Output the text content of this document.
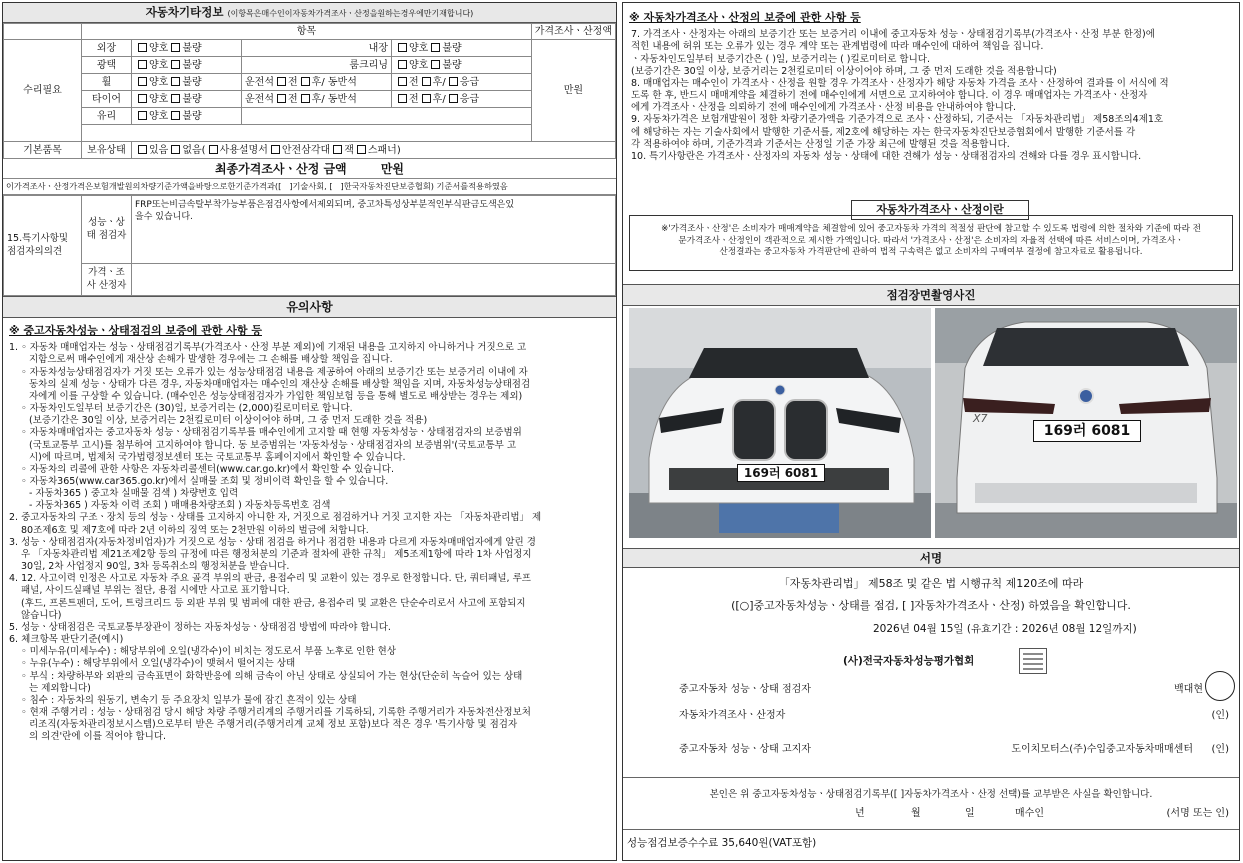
자동차기타정보 (이항목은매수인이자동차가격조사ㆍ산정을원하는경우에만기재합니다)
	항목				가격조사ㆍ산정액
수리필요	외장	양호 불량	내장	양호 불량	만원
	광택	양호 불량	룸크리닝	양호 불량	
	휠	양호 불량	운전석 전 후/ 동반석	전 후/ 응급	
	타이어	양호 불량	운전석 전 후/ 동반석	전 후/ 응급	
	유리	양호 불량			

기본품목	보유상태	있음 없음( 사용설명서 안전삼각대 잭 스패너)			
최종가격조사ㆍ산정 금액	만원
이가격조사ㆍ산정가격은보험개발원의차량기준가액을바탕으로한기준가격과([ ]기술사회, [ ]한국자동차진단보증협회) 기준서를적용하였음
15.특기사항및 점검자의의견	성능ㆍ상태 점검자	FRP또는비금속탈부착가능부품은점검사항에서제외되며, 중고차특성상부분적인부식판금도색은있을수 있습니다.
	가격ㆍ조사 산정자	
유의사항
※ 중고자동차성능ㆍ상태점검의 보증에 관한 사항 등
1. ◦ 자동차 매매업자는 성능ㆍ상태점검기록부(가격조사ㆍ산정 부분 제외)에 기재된 내용을 고지하지 아니하거나 거짓으로 고
지함으로써 매수인에게 재산상 손해가 발생한 경우에는 그 손해를 배상할 책임을 집니다.
◦ 자동차성능상태점검자가 거짓 또는 오류가 있는 성능상태점검 내용을 제공하여 아래의 보증기간 또는 보증거리 이내에 자
동차의 실제 성능ㆍ상태가 다른 경우, 자동차매매업자는 매수인의 재산상 손해를 배상할 책임을 지며, 자동차성능상태점검
자에게 이를 구상할 수 있습니다. (매수인은 성능상태점검자가 가입한 책임보험 등을 통해 별도로 배상받는 경우는 제외)
◦ 자동차인도일부터 보증기간은 (30)일, 보증거리는 (2,000)킬로미터로 합니다.
(보증기간은 30일 이상, 보증거리는 2천킬로미터 이상이어야 하며, 그 중 먼저 도래한 것을 적용)
◦ 자동차매매업자는 중고자동차 성능ㆍ상태점검기록부를 매수인에게 고지할 때 현행 자동차성능ㆍ상태점검자의 보증범위
(국토교통부 고시)를 첨부하여 고지하여야 합니다. 동 보증범위는 '자동차성능ㆍ상태점검자의 보증범위'(국토교통부 고
시)에 따르며, 법제처 국가법령정보센터 또는 국토교통부 홈페이지에서 확인할 수 있습니다.
◦ 자동차의 리콜에 관한 사항은 자동차리콜센터(www.car.go.kr)에서 확인할 수 있습니다.
◦ 자동차365(www.car365.go.kr)에서 실매물 조회 및 정비이력 확인을 할 수 있습니다.
- 자동차365 ) 중고차 실매물 검색 ) 차량번호 입력
- 자동차365 ) 자동차 이력 조회 ) 매매용차량조회 ) 자동차등록번호 검색
2. 중고자동차의 구조ㆍ장치 등의 성능ㆍ상태를 고지하지 아니한 자, 거짓으로 점검하거나 거짓 고지한 자는 「자동차관리법」 제
80조제6호 및 제7호에 따라 2년 이하의 징역 또는 2천만원 이하의 벌금에 처합니다.
3. 성능ㆍ상태점검자(자동차정비업자)가 거짓으로 성능ㆍ상태 점검을 하거나 점검한 내용과 다르게 자동차매매업자에게 알린 경
우 「자동차관리법 제21조제2항 등의 규정에 따른 행정처분의 기준과 절차에 관한 규칙」 제5조제1항에 따라 1차 사업정지
30일, 2차 사업정지 90일, 3차 등록취소의 행정처분을 받습니다.
4. 12. 사고이력 인정은 사고로 자동차 주요 골격 부위의 판금, 용접수리 및 교환이 있는 경우로 한정합니다. 단, 쿼터패널, 루프
패널, 사이드실패널 부위는 절단, 용접 시에만 사고로 표기합니다.
(후드, 프론트펜더, 도어, 트렁크리드 등 외판 부위 및 범퍼에 대한 판금, 용접수리 및 교환은 단순수리로서 사고에 포함되지
않습니다)
5. 성능ㆍ상태점검은 국토교통부장관이 정하는 자동차성능ㆍ상태점검 방법에 따라야 합니다.
6. 체크항목 판단기준(예시)
◦ 미세누유(미세누수) : 해당부위에 오일(냉각수)이 비치는 정도로서 부품 노후로 인한 현상
◦ 누유(누수) : 해당부위에서 오일(냉각수)이 맺혀서 떨어지는 상태
◦ 부식 : 차량하부와 외판의 금속표면이 화학반응에 의해 금속이 아닌 상태로 상실되어 가는 현상(단순히 녹슬어 있는 상태
는 제외합니다)
◦ 침수 : 자동차의 원동기, 변속기 등 주요장치 일부가 물에 잠긴 흔적이 있는 상태
◦ 현재 주행거리 : 성능ㆍ상태점검 당시 해당 차량 주행거리계의 주행거리를 기록하되, 기록한 주행거리가 자동차전산정보처
리조직(자동차관리정보시스템)으로부터 받은 주행거리(주행거리계 교체 정보 포함)보다 적은 경우 '특기사항 및 점검자
의 의견'란에 이를 적어야 합니다.
※ 자동차가격조사ㆍ산정의 보증에 관한 사항 등
7. 가격조사ㆍ산정자는 아래의 보증기간 또는 보증거리 이내에 중고자동차 성능ㆍ상태점검기록부(가격조사ㆍ산정 부분 한정)에
적힌 내용에 허위 또는 오류가 있는 경우 계약 또는 관계법령에 따라 매수인에 대하여 책임을 집니다.
ㆍ자동차인도일부터 보증기간은 ( )일, 보증거리는 ( )킬로미터로 합니다.
(보증기간은 30일 이상, 보증거리는 2천킬로미터 이상이어야 하며, 그 중 먼저 도래한 것을 적용합니다)
8. 매매업자는 매수인이 가격조사ㆍ산정을 원할 경우 가격조사ㆍ산정자가 해당 자동차 가격을 조사ㆍ산정하여 결과를 이 서식에 적
도록 한 후, 반드시 매매계약을 체결하기 전에 매수인에게 서면으로 고지하여야 합니다. 이 경우 매매업자는 가격조사ㆍ산정자
에게 가격조사ㆍ산정을 의뢰하기 전에 매수인에게 가격조사ㆍ산정 비용을 안내하여야 합니다.
9. 자동차가격은 보험개발원이 정한 차량기준가액을 기준가격으로 조사ㆍ산정하되, 기준서는 「자동차관리법」 제58조의4제1호
에 해당하는 자는 기술사회에서 발행한 기준서를, 제2호에 해당하는 자는 한국자동차진단보증협회에서 발행한 기준서를 각
각 적용하여야 하며, 기준가격과 기준서는 산정일 기준 가장 최근에 발행된 것을 적용합니다.
10. 특기사항란은 가격조사ㆍ산정자의 자동차 성능ㆍ상태에 대한 견해가 성능ㆍ상태점검자의 견해와 다를 경우 표시합니다.
자동차가격조사ㆍ산정이란
※'가격조사ㆍ산정'은 소비자가 매매계약을 체결함에 있어 중고자동차 가격의 적절성 판단에 참고할 수 있도록 법령에 의한 절차와 기준에 따라 전
문가격조사ㆍ산정인이 객관적으로 제시한 가액입니다. 따라서 '가격조사ㆍ산정'은 소비자의 자율적 선택에 따른 서비스이며, 가격조사ㆍ
산정결과는 중고자동차 가격판단에 관하여 법적 구속력은 없고 소비자의 구매여부 결정에 참고자료로 활용됩니다.
점검장면촬영사진
169러 6081
X7
169러 6081
서명
「자동차관리법」 제58조 및 같은 법 시행규칙 제120조에 따라
([○]중고자동차성능ㆍ상태를 점검, [ ]자동차가격조사ㆍ산정) 하였음을 확인합니다.
2026년 04월 15일 (유효기간 : 2026년 08월 12일까지)
(사)전국자동차성능평가협회
중고자동차 성능ㆍ상태 점검자	백대현
자동차가격조사ㆍ산정자	(인)
중고자동차 성능ㆍ상태 고지자	도이치모터스(주)수입중고자동차매매센터 (인)
본인은 위 중고자동차성능ㆍ상태점검기록부([ ]자동차가격조사ㆍ산정 선택)를 교부받은 사실을 확인합니다.
년	월	일	매수인	(서명 또는 인)
성능점검보증수수료 35,640원(VAT포함)
